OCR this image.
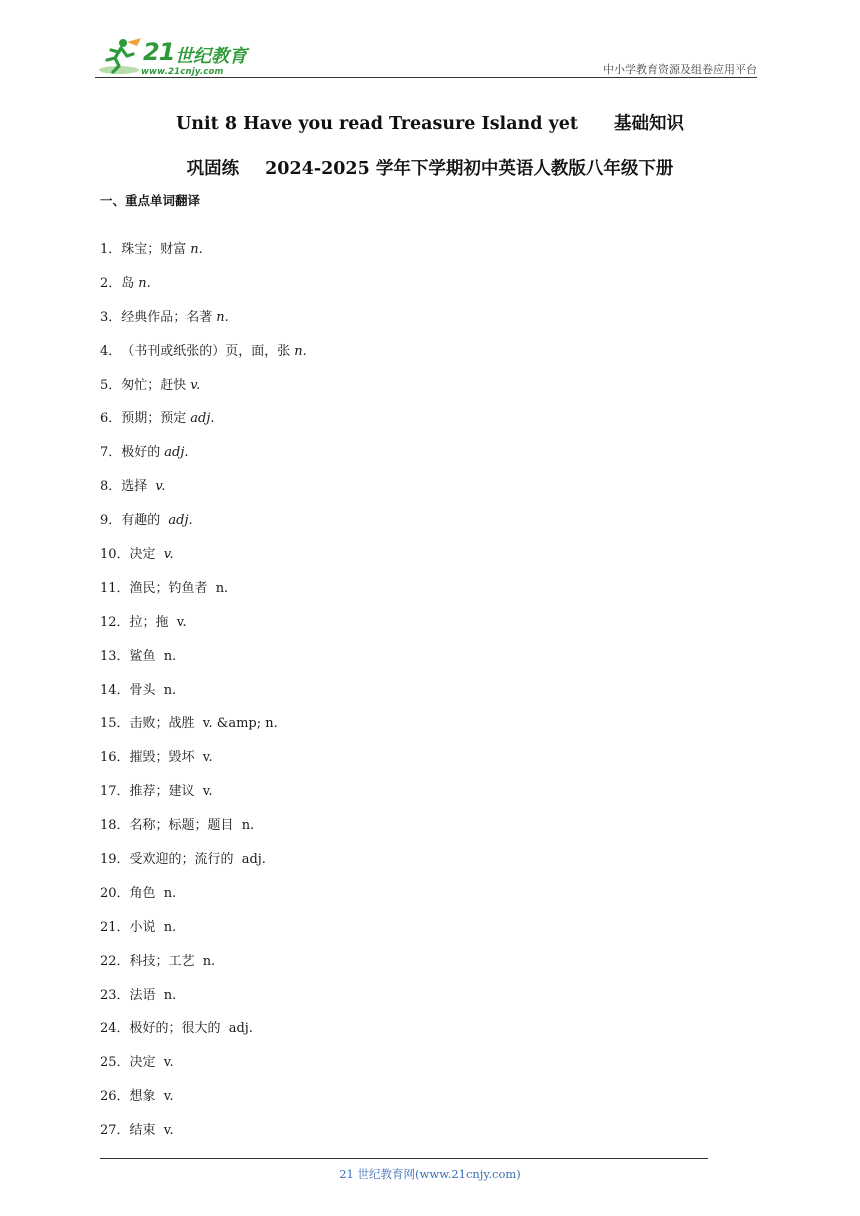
21 世纪教育
www.21cnjy.com	中小学教育资源及组卷应用平台
Unit 8 Have you read Treasure Island yet 基础知识
巩固练 2024-2025 学年下学期初中英语人教版八年级下册
一、重点单词翻译
1．珠宝；财富 n.
2．岛 n.
3．经典作品；名著 n.
4．（书刊或纸张的）页，面，张 n.
5．匆忙；赶快 v.
6．预期；预定 adj.
7．极好的 adj.
8．选择 v.
9．有趣的 adj.
10．决定 v.
11．渔民；钓鱼者 n.
12．拉；拖 v.
13．鲨鱼 n.
14．骨头 n.
15．击败；战胜 v. &amp; n.
16．摧毁；毁坏 v.
17．推荐；建议 v.
18．名称；标题；题目 n.
19．受欢迎的；流行的 adj.
20．角色 n.
21．小说 n.
22．科技；工艺 n.
23．法语 n.
24．极好的；很大的 adj.
25．决定 v.
26．想象 v.
27．结束 v.
21 世纪教育网(www.21cnjy.com)
